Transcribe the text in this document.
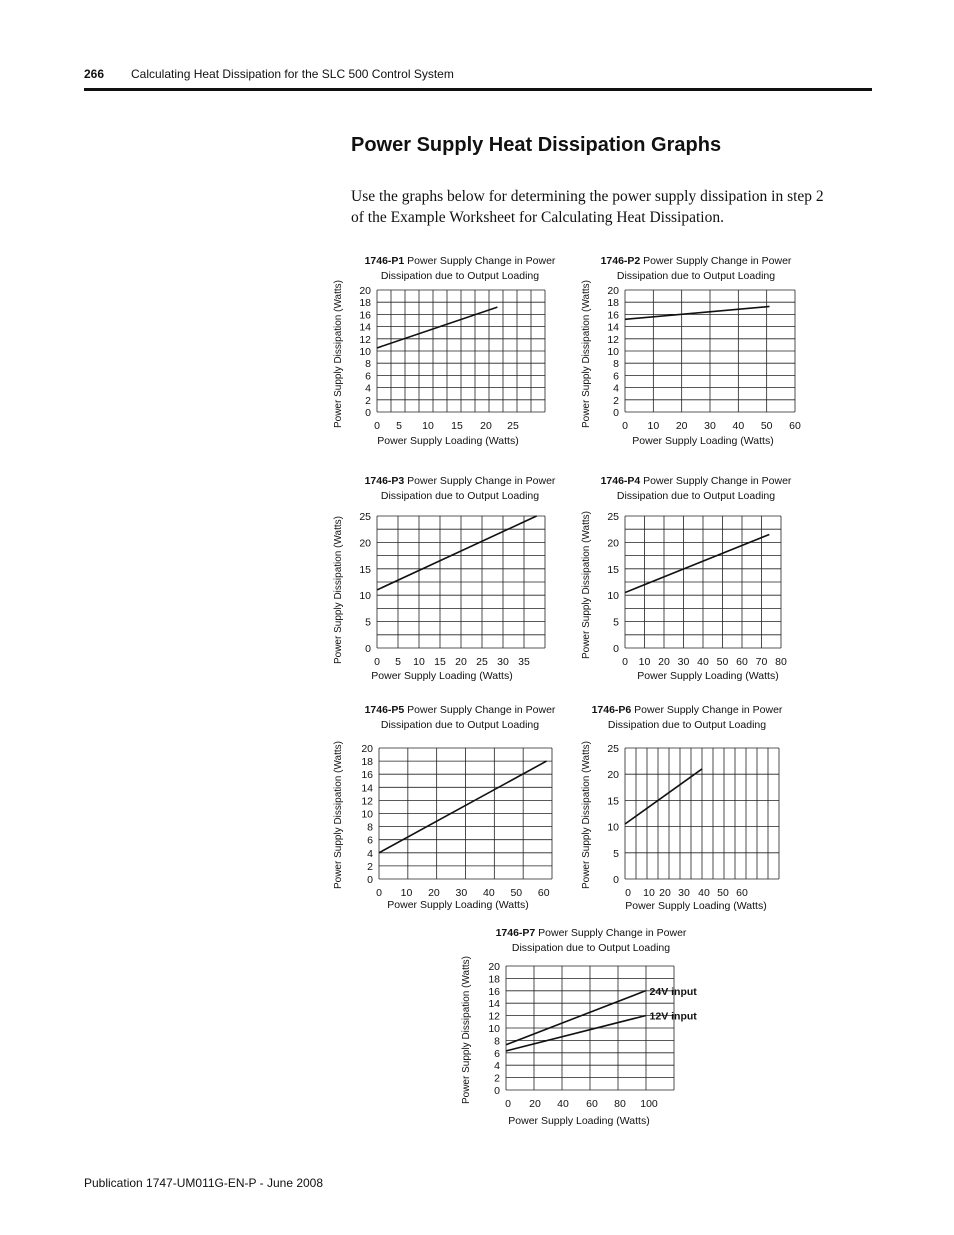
266 Calculating Heat Dissipation for the SLC 500 Control System
Power Supply Heat Dissipation Graphs
Use the graphs below for determining the power supply dissipation in step 2 of the Example Worksheet for Calculating Heat Dissipation.
1746-P1 Power Supply Change in Power
Dissipation due to Output Loading
0
2
4
6
8
10
12
14
16
18
20
0 5 10 15 20 25
Power Supply Loading (Watts)
Power Supply Dissipation (Watts)
1746-P2 Power Supply Change in Power
Dissipation due to Output Loading
0
2
4
6
8
10
12
14
16
18
20
0 10 20 30 40 50 60
Power Supply Loading (Watts)
Power Supply Dissipation (Watts)
1746-P3 Power Supply Change in Power
Dissipation due to Output Loading
0
5
10
15
20
25
0 5 10 15 20 25 30 35
Power Supply Loading (Watts)
Power Supply Dissipation (Watts)
1746-P4 Power Supply Change in Power
Dissipation due to Output Loading
0
5
10
15
20
25
0 10 20 30 40 50 60 70 80
Power Supply Loading (Watts)
Power Supply Dissipation (Watts)
1746-P5 Power Supply Change in Power
Dissipation due to Output Loading
0
2
4
6
8
10
12
14
16
18
20
0 10 20 30 40 50 60
Power Supply Loading (Watts)
Power Supply Dissipation (Watts)
1746-P6 Power Supply Change in Power
Dissipation due to Output Loading
0
5
10
15
20
25
0 10 20 30 40 50 60
Power Supply Loading (Watts)
Power Supply Dissipation (Watts)
1746-P7 Power Supply Change in Power
Dissipation due to Output Loading
0
2
4
6
8
10
12
14
16
18
20
0 20 40 60 80 100
Power Supply Loading (Watts)
Power Supply Dissipation (Watts)	24V input
12V input
Publication 1747-UM011G-EN-P - June 2008
